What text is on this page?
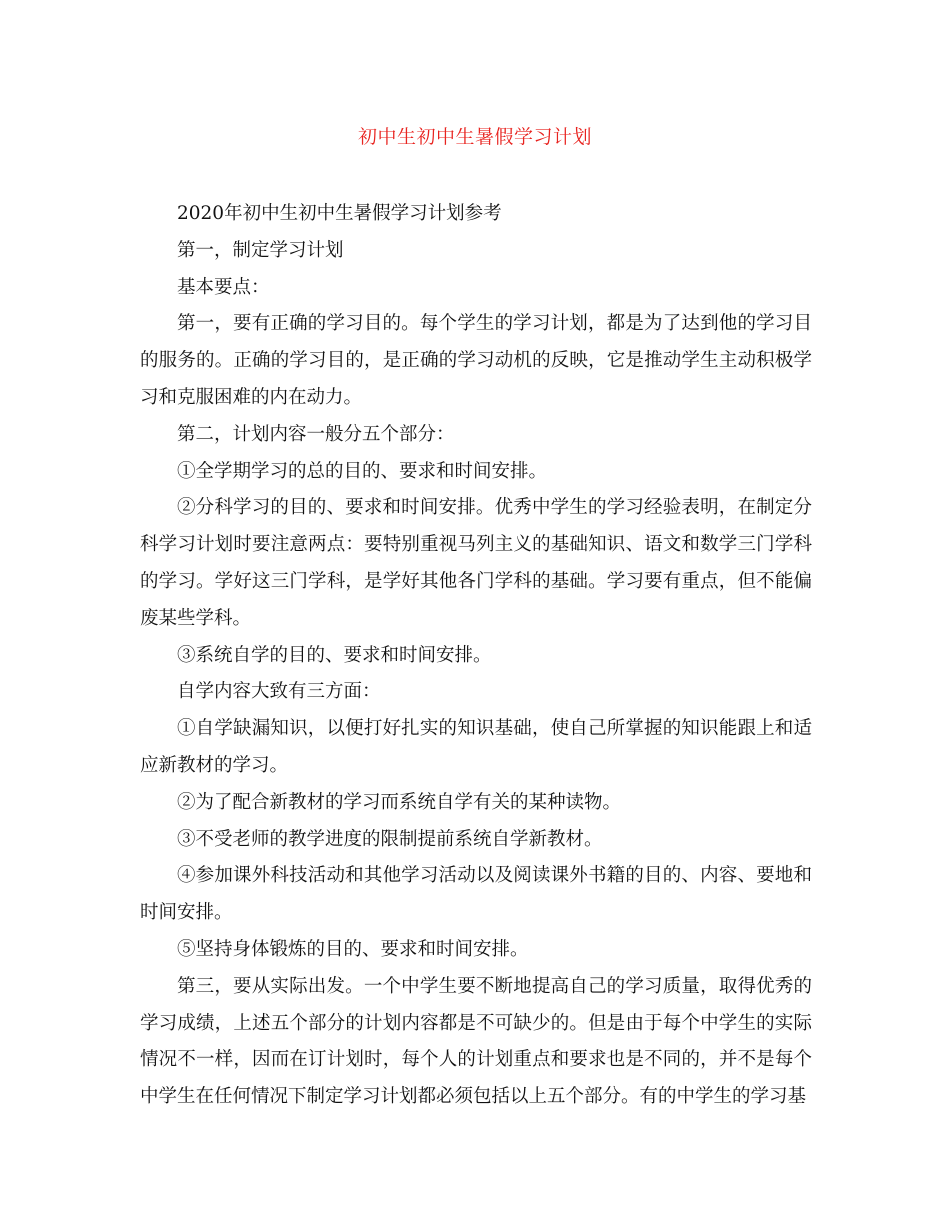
初中生初中生暑假学习计划

2020年初中生初中生暑假学习计划参考

第一，制定学习计划

基本要点：

第一，要有正确的学习目的。每个学生的学习计划，都是为了达到他的学习目的服务的。正确的学习目的，是正确的学习动机的反映，它是推动学生主动积极学习和克服困难的内在动力。

第二，计划内容一般分五个部分：

①全学期学习的总的目的、要求和时间安排。

②分科学习的目的、要求和时间安排。优秀中学生的学习经验表明，在制定分科学习计划时要注意两点：要特别重视马列主义的基础知识、语文和数学三门学科的学习。学好这三门学科，是学好其他各门学科的基础。学习要有重点，但不能偏废某些学科。

③系统自学的目的、要求和时间安排。

自学内容大致有三方面：

①自学缺漏知识，以便打好扎实的知识基础，使自己所掌握的知识能跟上和适应新教材的学习。

②为了配合新教材的学习而系统自学有关的某种读物。

③不受老师的教学进度的限制提前系统自学新教材。

④参加课外科技活动和其他学习活动以及阅读课外书籍的目的、内容、要地和时间安排。

⑤坚持身体锻炼的目的、要求和时间安排。

第三，要从实际出发。一个中学生要不断地提高自己的学习质量，取得优秀的学习成绩，上述五个部分的计划内容都是不可缺少的。但是由于每个中学生的实际情况不一样，因而在订计划时，每个人的计划重点和要求也是不同的，并不是每个中学生在任何情况下制定学习计划都必须包括以上五个部分。有的中学生的学习基
